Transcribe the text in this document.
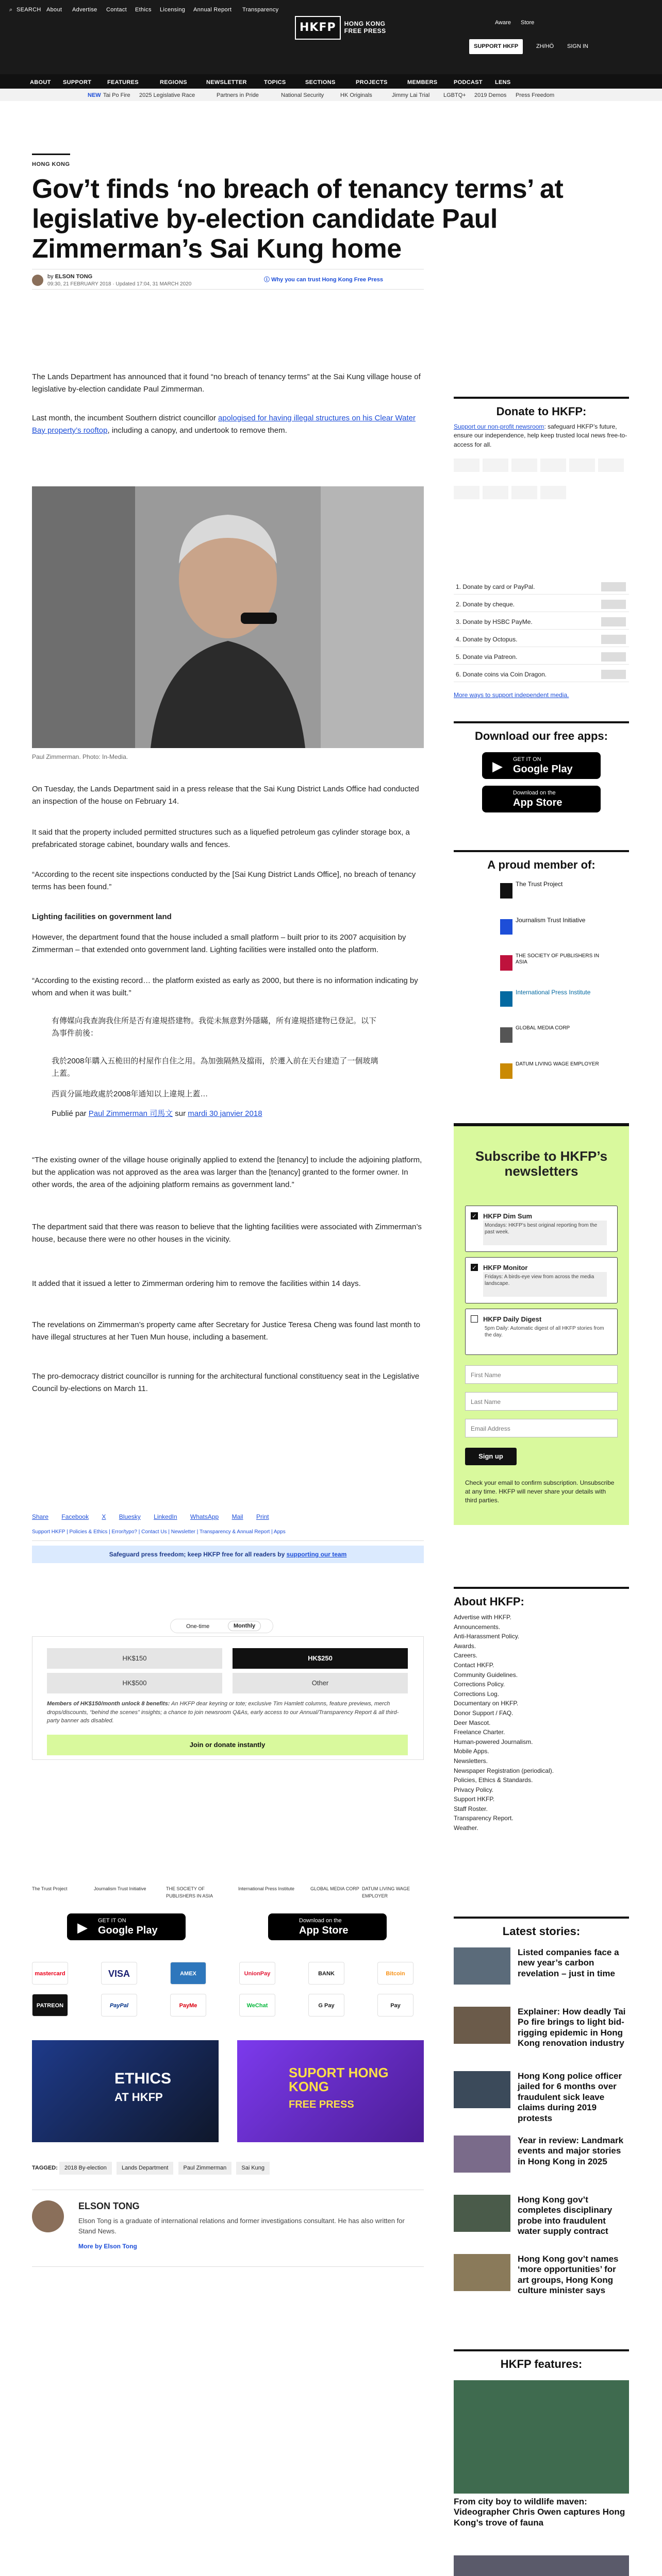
⌕ SEARCH About Advertise Contact Ethics Licensing Annual Report Transparency
HKFP	HONG KONG
FREE PRESS
SUPPORT HKFP	ZH/HÖ SIGN IN
Aware Store
ABOUT SUPPORT	FEATURES	REGIONS	NEWSLETTER	TOPICS	SECTIONS	PROJECTS	MEMBERS	PODCAST LENS
NEW Tai Po Fire 2025 Legislative Race	Partners in Pride	National Security	HK Originals	Jimmy Lai Trial LGBTQ+ 2019 Demos Press Freedom
HONG KONG
Gov’t finds ‘no breach of tenancy terms’ at legislative by-election candidate Paul Zimmerman’s Sai Kung home
by ELSON TONG
09:30, 21 FEBRUARY 2018 · Updated 17:04, 31 MARCH 2020
ⓘ Why you can trust Hong Kong Free Press

The Lands Department has announced that it found “no breach of tenancy terms” at the Sai Kung village house of legislative by-election candidate Paul Zimmerman.

Last month, the incumbent Southern district councillor apologised for having illegal structures on his Clear Water Bay property’s rooftop, including a canopy, and undertook to remove them.

Paul Zimmerman. Photo: In-Media.

On Tuesday, the Lands Department said in a press release that the Sai Kung District Lands Office had conducted an inspection of the house on February 14.

It said that the property included permitted structures such as a liquefied petroleum gas cylinder storage box, a prefabricated storage cabinet, boundary walls and fences.

“According to the recent site inspections conducted by the [Sai Kung District Lands Office], no breach of tenancy terms has been found.”

Lighting facilities on government land

However, the department found that the house included a small platform – built prior to its 2007 acquisition by Zimmerman – that extended onto government land. Lighting facilities were installed onto the platform.

“According to the existing record… the platform existed as early as 2000, but there is no information indicating by whom and when it was built.”

有傳媒向我查詢我住所是否有違規搭建物。我從未無意對外隱瞞，所有違規搭建物已登記。以下為事件前後：
我於2008年購入五桅田的村屋作自住之用。為加強隔熱及擋雨，於遷入前在天台建造了一個玻璃上蓋。
西貢分區地政處於2008年通知以上違規上蓋…
Publié par Paul Zimmerman 司馬文 sur mardi 30 janvier 2018

“The existing owner of the village house originally applied to extend the [tenancy] to include the adjoining platform, but the application was not approved as the area was larger than the [tenancy] granted to the former owner. In other words, the area of the adjoining platform remains as government land.”

The department said that there was reason to believe that the lighting facilities were associated with Zimmerman’s house, because there were no other houses in the vicinity.

It added that it issued a letter to Zimmerman ordering him to remove the facilities within 14 days.

The revelations on Zimmerman’s property came after Secretary for Justice Teresa Cheng was found last month to have illegal structures at her Tuen Mun house, including a basement.

The pro-democracy district councillor is running for the architectural functional constituency seat in the Legislative Council by-elections on March 11.

Share Facebook X Bluesky LinkedIn WhatsApp Mail Print
Support HKFP | Policies & Ethics | Error/typo? | Contact Us | Newsletter | Transparency & Annual Report | Apps
Safeguard press freedom; keep HKFP free for all readers by supporting our team
One-time	Monthly
HK$150	HK$250
HK$500	Other
Members of HK$150/month unlock 8 benefits: An HKFP dear keyring or tote; exclusive Tim Hamlett columns, feature previews, merch drops/discounts, “behind the scenes” insights; a chance to join newsroom Q&As, early access to our Annual/Transparency Report & all third-party banner ads disabled.
Join or donate instantly
The Trust Project	Journalism Trust Initiative	THE SOCIETY OF PUBLISHERS IN ASIA
International Press Institute	GLOBAL MEDIA CORP DATUM LIVING WAGE EMPLOYER
▶ GET IT ON
Google Play
Download on the
App Store
mastercard	VISA	AMEX	UnionPay	BANK	Bitcoin
PATREON	PayPal	PayMe	WeChat	G Pay	Pay
ETHICS
AT HKFP
SUPORT HONG KONG
FREE PRESS
TAGGED: 2018 By-election	Lands Department	Paul Zimmerman	Sai Kung
ELSON TONG
Elson Tong is a graduate of international relations and former investigations consultant. He has also written for Stand News.
More by Elson Tong
Donate to HKFP:
Support our non-profit newsroom: safeguard HKFP’s future, ensure our independence, help keep trusted local news free-to-access for all.
1. Donate by card or PayPal.
2. Donate by cheque.
3. Donate by HSBC PayMe.
4. Donate by Octopus.
5. Donate via Patreon.
6. Donate coins via Coin Dragon.
More ways to support independent media.
Download our free apps:
▶ GET IT ON
Google Play
Download on the
App Store
A proud member of:
The Trust Project
Journalism Trust Initiative
THE SOCIETY OF PUBLISHERS IN ASIA
International Press Institute
GLOBAL MEDIA CORP
DATUM LIVING WAGE EMPLOYER
Subscribe to HKFP’s newsletters
✓ HKFP Dim Sum
Mondays: HKFP’s best original reporting from the past week.
✓ HKFP Monitor
Fridays: A birds-eye view from across the media landscape.
HKFP Daily Digest
5pm Daily: Automatic digest of all HKFP stories from the day.
First Name
Last Name
Email Address
Sign up
Check your email to confirm subscription. Unsubscribe at any time. HKFP will never share your details with third parties.
About HKFP:
Advertise with HKFP.
Announcements.
Anti-Harassment Policy.
Awards.
Careers.
Contact HKFP.
Community Guidelines.
Corrections Policy.
Corrections Log.
Documentary on HKFP.
Donor Support / FAQ.
Deer Mascot.
Freelance Charter.
Human-powered Journalism.
Mobile Apps.
Newsletters.
Newspaper Registration (periodical).
Policies, Ethics & Standards.
Privacy Policy.
Support HKFP.
Staff Roster.
Transparency Report.
Weather.
Latest stories:
Listed companies face a new year’s carbon revelation – just in time
Explainer: How deadly Tai Po fire brings to light bid-rigging epidemic in Hong Kong renovation industry
Hong Kong police officer jailed for 6 months over fraudulent sick leave claims during 2019 protests
Year in review: Landmark events and major stories in Hong Kong in 2025
Hong Kong gov’t completes disciplinary probe into fraudulent water supply contract
Hong Kong gov’t names ‘more opportunities’ for art groups, Hong Kong culture minister says
HKFP features:
From city boy to wildlife maven: Videographer Chris Owen captures Hong Kong’s trove of fauna
